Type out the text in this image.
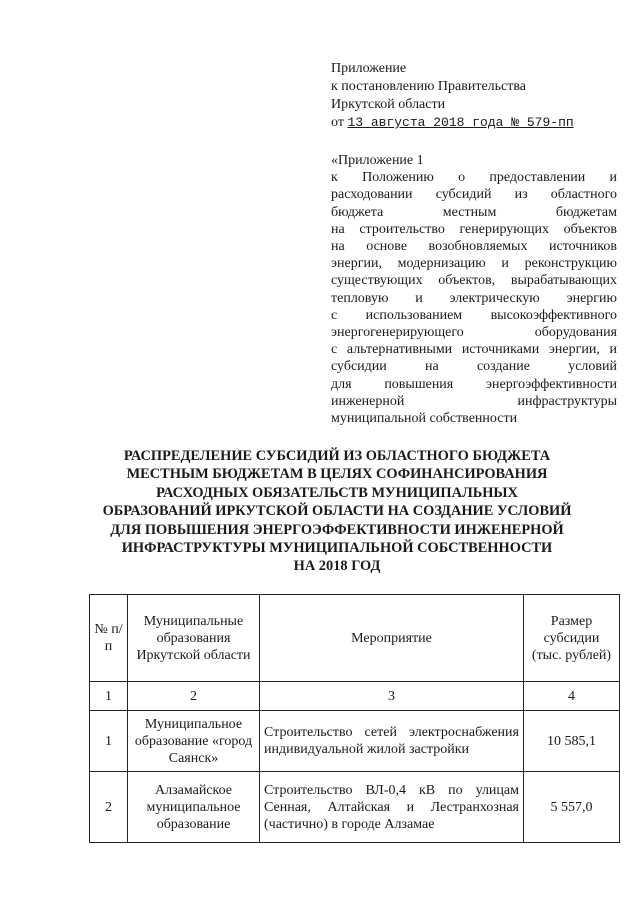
Приложение
к постановлению Правительства
Иркутской области
от 13 августа 2018 года № 579-пп
«Приложение 1
к Положению о предоставлении и
расходовании субсидий из областного
бюджета местным бюджетам
на строительство генерирующих объектов
на основе возобновляемых источников
энергии, модернизацию и реконструкцию
существующих объектов, вырабатывающих
тепловую и электрическую энергию
с использованием высокоэффективного
энергогенерирующего оборудования
с альтернативными источниками энергии, и
субсидии на создание условий
для повышения энергоэффективности
инженерной инфраструктуры
муниципальной собственности
РАСПРЕДЕЛЕНИЕ СУБСИДИЙ ИЗ ОБЛАСТНОГО БЮДЖЕТА
МЕСТНЫМ БЮДЖЕТАМ В ЦЕЛЯХ СОФИНАНСИРОВАНИЯ
РАСХОДНЫХ ОБЯЗАТЕЛЬСТВ МУНИЦИПАЛЬНЫХ
ОБРАЗОВАНИЙ ИРКУТСКОЙ ОБЛАСТИ НА СОЗДАНИЕ УСЛОВИЙ
ДЛЯ ПОВЫШЕНИЯ ЭНЕРГОЭФФЕКТИВНОСТИ ИНЖЕНЕРНОЙ
ИНФРАСТРУКТУРЫ МУНИЦИПАЛЬНОЙ СОБСТВЕННОСТИ
НА 2018 ГОД
№ п/п	Муниципальные образования Иркутской области	Мероприятие	Размер субсидии (тыс. рублей)
1	2	3	4
1	Муниципальное образование «город Саянск»	Строительство сетей электроснабжения индивидуальной жилой застройки	10 585,1
2	Алзамайское муниципальное образование	Строительство ВЛ-0,4 кВ по улицам Сенная, Алтайская и Лестранхозная (частично) в городе Алзамае	5 557,0
